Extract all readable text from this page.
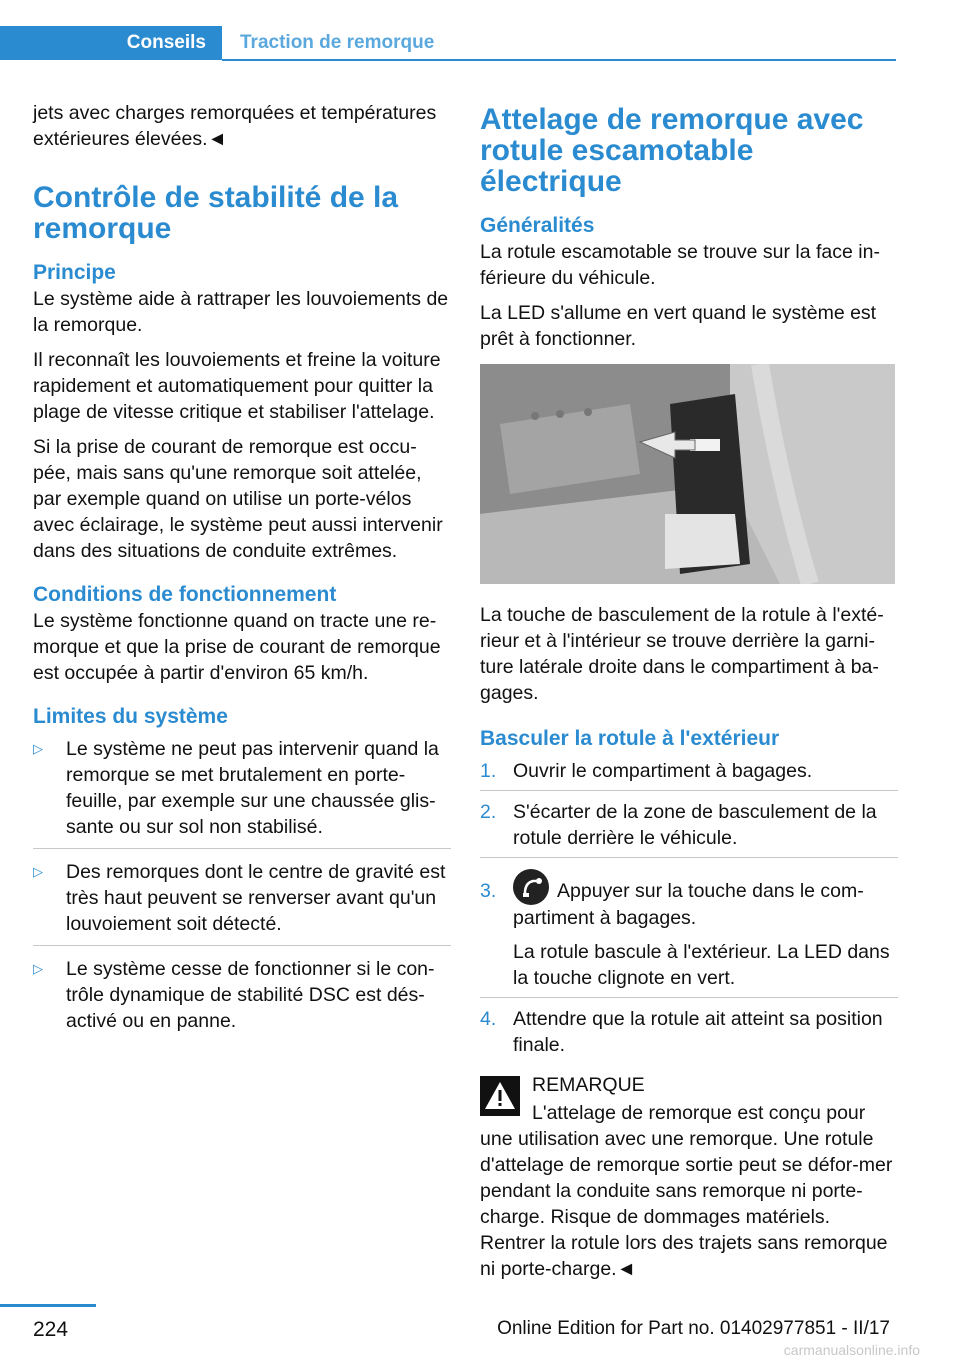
Conseils	Traction de remorque

jets avec charges remorquées et températures extérieures élevées.◄

Contrôle de stabilité de la remorque
Principe

Le système aide à rattraper les louvoiements de la remorque.

Il reconnaît les louvoiements et freine la voiture rapidement et automatiquement pour quitter la plage de vitesse critique et stabiliser l'attelage.

Si la prise de courant de remorque est occu‐pée, mais sans qu'une remorque soit attelée, par exemple quand on utilise un porte-vélos avec éclairage, le système peut aussi intervenir dans des situations de conduite extrêmes.

Conditions de fonctionnement

Le système fonctionne quand on tracte une re‐morque et que la prise de courant de remorque est occupée à partir d'environ 65 km/h.

Limites du système
▷ Le système ne peut pas intervenir quand la remorque se met brutalement en porte-feuille, par exemple sur une chaussée glis‐sante ou sur sol non stabilisé.
▷ Des remorques dont le centre de gravité est très haut peuvent se renverser avant qu'un louvoiement soit détecté.
▷ Le système cesse de fonctionner si le con‐trôle dynamique de stabilité DSC est dés‐activé ou en panne.
Attelage de remorque avec rotule escamotable électrique
Généralités

La rotule escamotable se trouve sur la face in‐férieure du véhicule.

La LED s'allume en vert quand le système est prêt à fonctionner.

La touche de basculement de la rotule à l'exté‐rieur et à l'intérieur se trouve derrière la garni‐ture latérale droite dans le compartiment à ba‐gages.

Basculer la rotule à l'extérieur
1. Ouvrir le compartiment à bagages.
2. S'écarter de la zone de basculement de la rotule derrière le véhicule.
3.	Appuyer sur la touche dans le com‐partiment à bagages.

La rotule bascule à l'extérieur. La LED dans la touche clignote en vert.

4. Attendre que la rotule ait atteint sa position finale.

REMARQUE

L'attelage de remorque est conçu pour une utilisation avec une remorque. Une rotule d'attelage de remorque sortie peut se défor‐mer pendant la conduite sans remorque ni porte-charge. Risque de dommages matériels. Rentrer la rotule lors des trajets sans remorque ni porte-charge.◄

224	Online Edition for Part no. 01402977851 - II/17
carmanualsonline.info
